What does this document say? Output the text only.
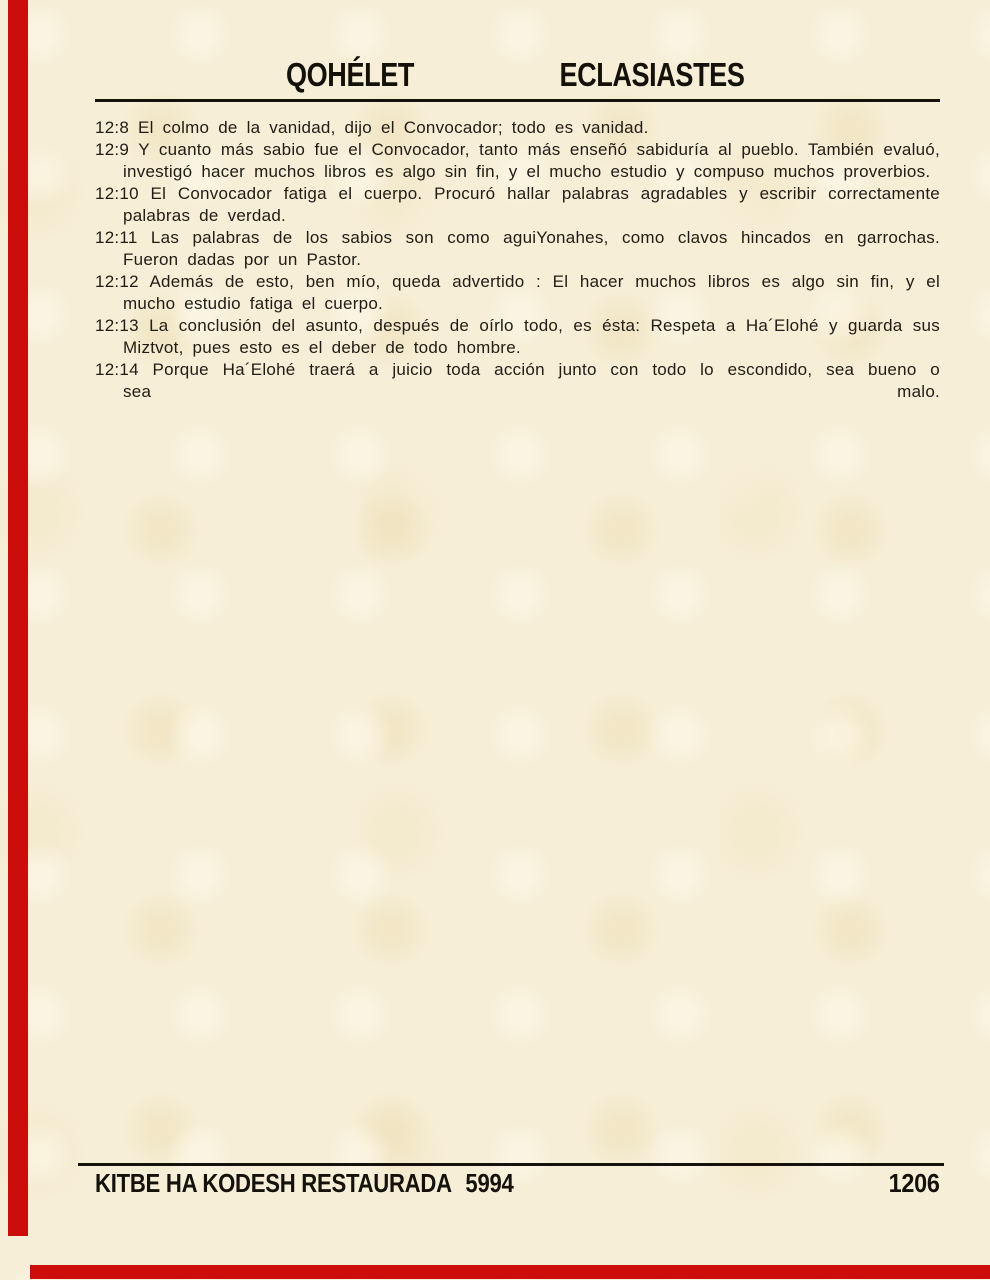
QOHÉLET	ECLASIASTES

12:8 El colmo de la vanidad, dijo el Convocador; todo es vanidad.

12:9 Y cuanto más sabio fue el Convocador, tanto más enseñó sabiduría al pueblo. También evaluó, investigó hacer muchos libros es algo sin fin, y el mucho estudio y compuso muchos proverbios.

12:10 El Convocador fatiga el cuerpo. Procuró hallar palabras agradables y escribir correctamente palabras de verdad.

12:11 Las palabras de los sabios son como aguiYonahes, como clavos hincados en garrochas. Fueron dadas por un Pastor.

12:12 Además de esto, ben mío, queda advertido : El hacer muchos libros es algo sin fin, y el mucho estudio fatiga el cuerpo.

12:13 La conclusión del asunto, después de oírlo todo, es ésta: Respeta a Ha´Elohé y guarda sus Miztvot, pues esto es el deber de todo hombre.

12:14 Porque Ha´Elohé traerá a juicio toda acción junto con todo lo escondido, sea bueno o
sea	malo.
KITBE HA KODESH RESTAURADA 5994	1206
